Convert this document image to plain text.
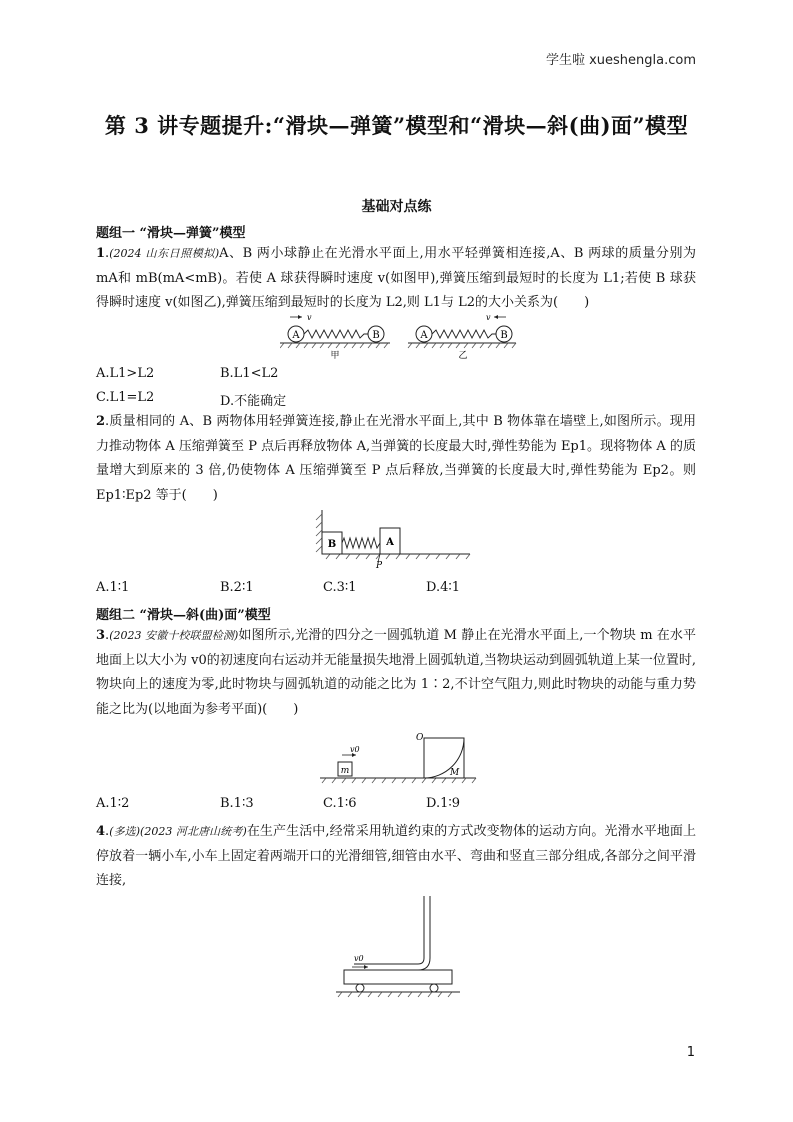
学生啦 xueshengla.com
第 3 讲专题提升:“滑块—弹簧”模型和“滑块—斜(曲)面”模型
基础对点练
题组一 “滑块—弹簧”模型
1.(2024 山东日照模拟)A、B 两小球静止在光滑水平面上,用水平轻弹簧相连接,A、B 两球的质量分别为 mA和 mB(mA<mB)。若使 A 球获得瞬时速度 v(如图甲),弹簧压缩到最短时的长度为 L1;若使 B 球获得瞬时速度 v(如图乙),弹簧压缩到最短时的长度为 L2,则 L1与 L2的大小关系为(　　)
A	B
v
甲
A	B
v
乙
A.L1>L2	B.L1<L2
C.L1=L2	D.不能确定
2.质量相同的 A、B 两物体用轻弹簧连接,静止在光滑水平面上,其中 B 物体靠在墙壁上,如图所示。现用力推动物体 A 压缩弹簧至 P 点后再释放物体 A,当弹簧的长度最大时,弹性势能为 Ep1。现将物体 A 的质量增大到原来的 3 倍,仍使物体 A 压缩弹簧至 P 点后释放,当弹簧的长度最大时,弹性势能为 Ep2。则 Ep1∶Ep2 等于(　　)
B	A
P
A.1∶1	B.2∶1	C.3∶1	D.4∶1
题组二 “滑块—斜(曲)面”模型
3.(2023 安徽十校联盟检测)如图所示,光滑的四分之一圆弧轨道 M 静止在光滑水平面上,一个物块 m 在水平地面上以大小为 v0的初速度向右运动并无能量损失地滑上圆弧轨道,当物块运动到圆弧轨道上某一位置时,物块向上的速度为零,此时物块与圆弧轨道的动能之比为 1∶2,不计空气阻力,则此时物块的动能与重力势能之比为(以地面为参考平面)(　　)
m
v0
O
M
A.1∶2	B.1∶3	C.1∶6	D.1∶9
4.(多选)(2023 河北唐山统考)在生产生活中,经常采用轨道约束的方式改变物体的运动方向。光滑水平地面上停放着一辆小车,小车上固定着两端开口的光滑细管,细管由水平、弯曲和竖直三部分组成,各部分之间平滑连接,
v0
1
